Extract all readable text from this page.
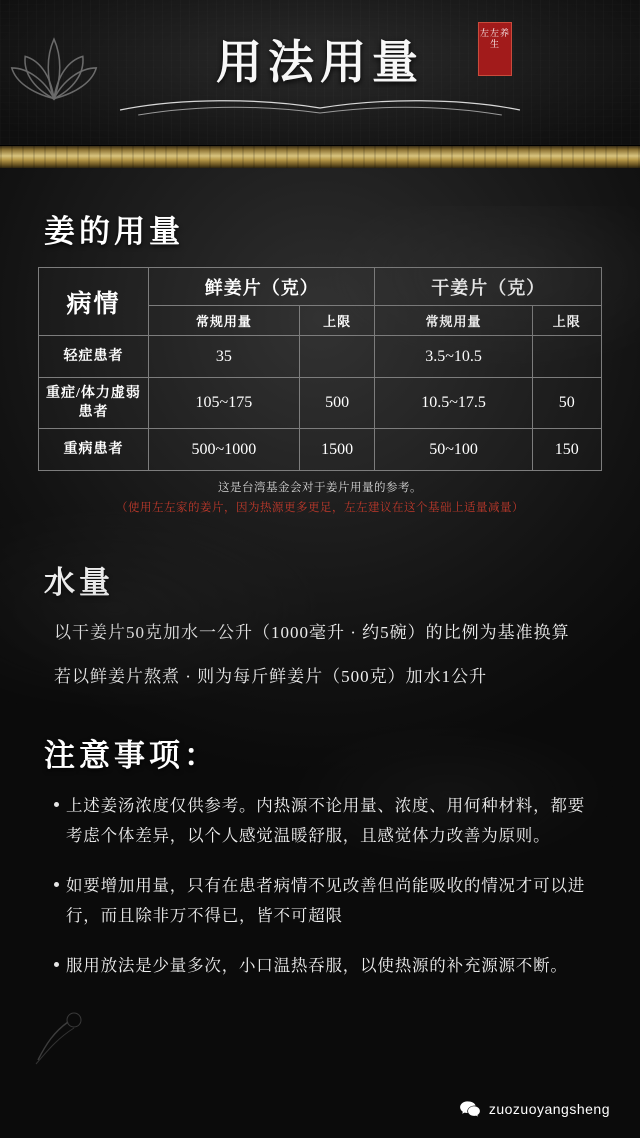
用法用量
左左养生
姜的用量
病情	鲜姜片（克）		干姜片（克）	
	常规用量	上限	常规用量	上限
轻症患者	35		3.5~10.5	
重症/体力虚弱患者	105~175	500	10.5~17.5	50
重病患者	500~1000	1500	50~100	150
这是台湾基金会对于姜片用量的参考。
（使用左左家的姜片，因为热源更多更足，左左建议在这个基础上适量减量）
水量

以干姜片50克加水一公升（1000毫升 · 约5碗）的比例为基准换算

若以鲜姜片熬煮 · 则为每斤鲜姜片（500克）加水1公升

注意事项：
上述姜汤浓度仅供参考。内热源不论用量、浓度、用何种材料，都要考虑个体差异，以个人感觉温暖舒服，且感觉体力改善为原则。
如要增加用量，只有在患者病情不见改善但尚能吸收的情况才可以进行，而且除非万不得已，皆不可超限
服用放法是少量多次，小口温热吞服，以使热源的补充源源不断。
zuozuoyangsheng
